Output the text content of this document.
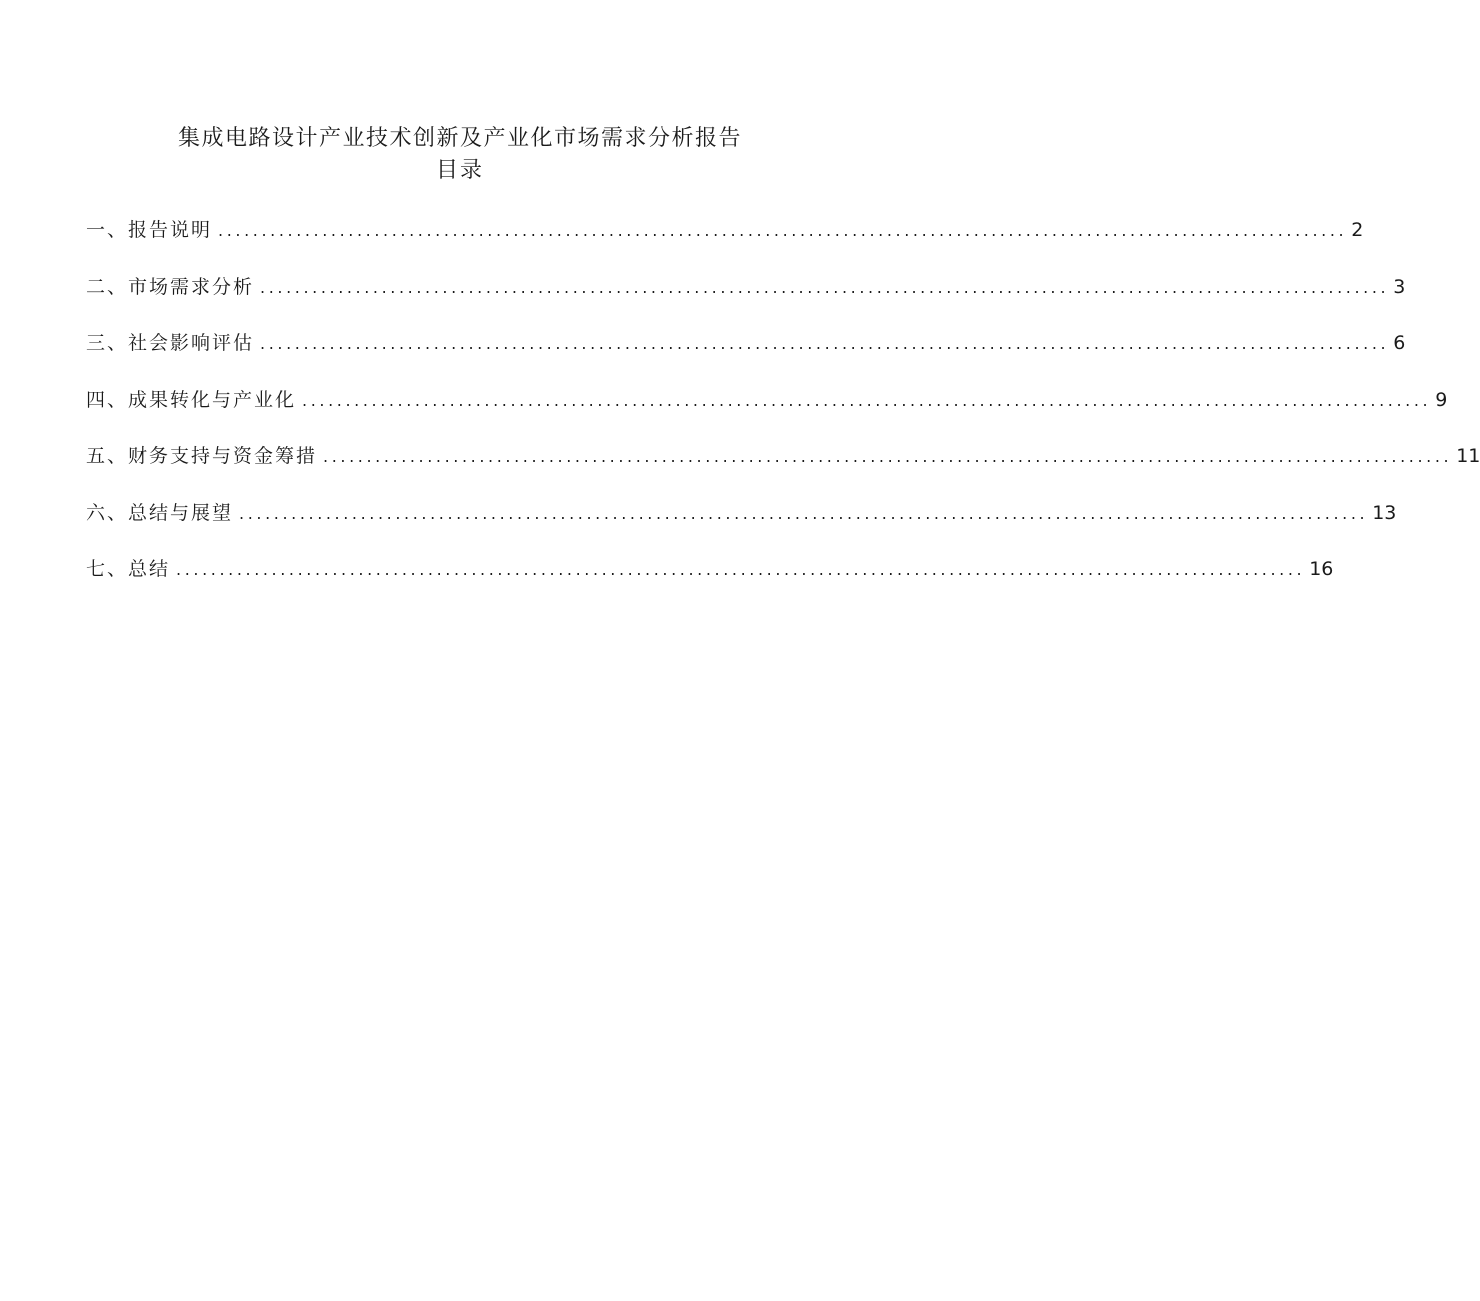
集成电路设计产业技术创新及产业化市场需求分析报告
目录
一、报告说明 .................................................................................................................................. 2
二、市场需求分析 .................................................................................................................................. 3
三、社会影响评估 .................................................................................................................................. 6
四、成果转化与产业化 .................................................................................................................................. 9
五、财务支持与资金筹措 .................................................................................................................................. 11
六、总结与展望 .................................................................................................................................. 13
七、总结 .................................................................................................................................. 16
